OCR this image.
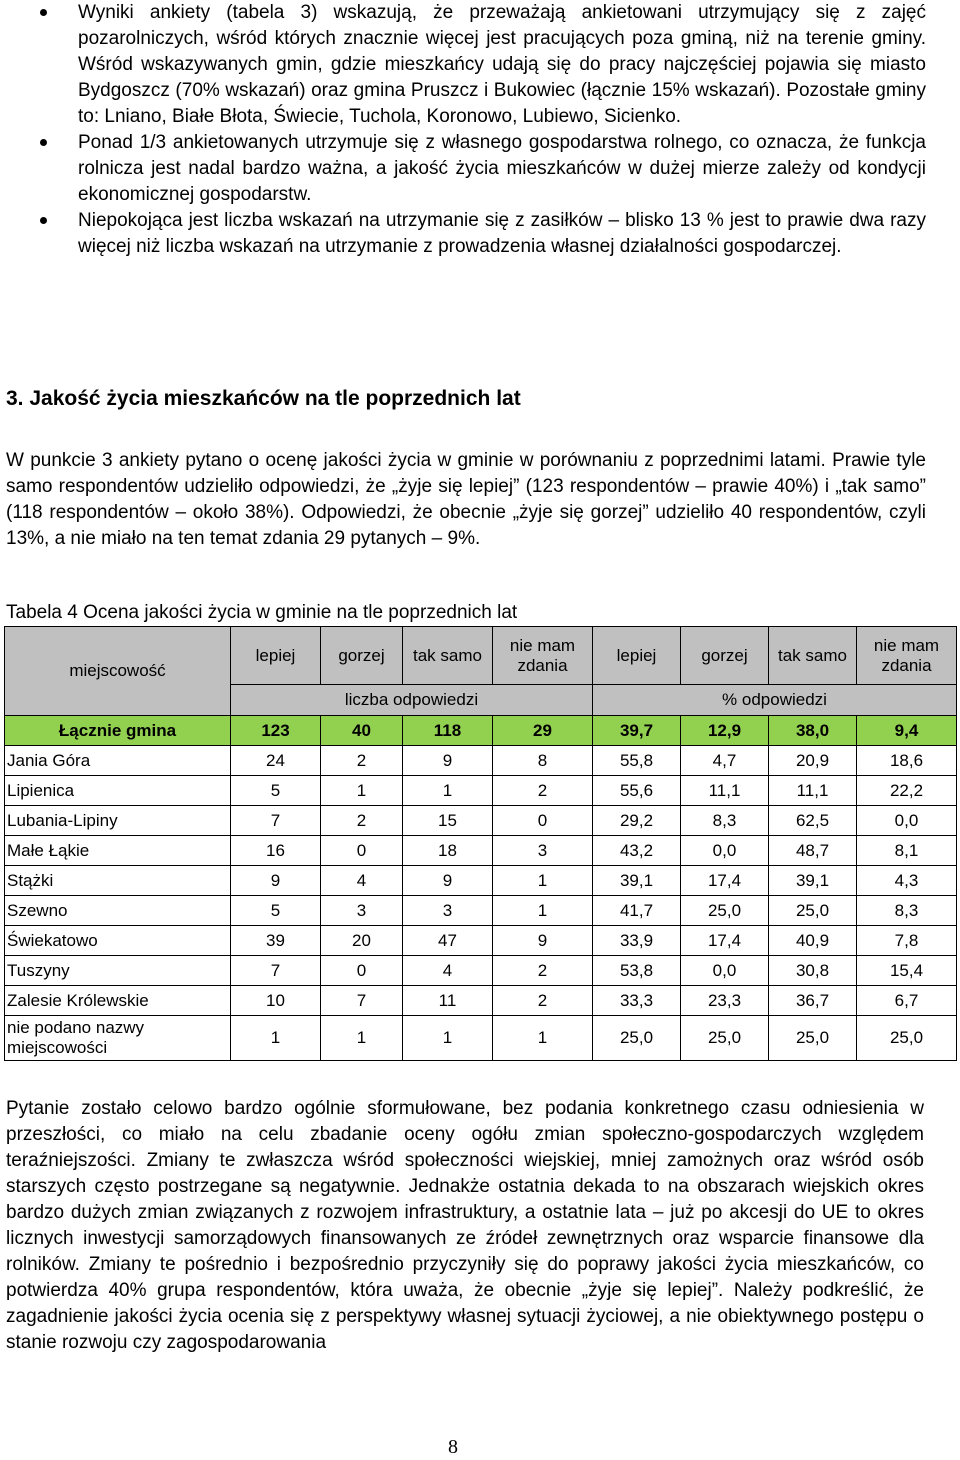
Wyniki ankiety (tabela 3) wskazują, że przeważają ankietowani utrzymujący się z zajęć pozarolniczych, wśród których znacznie więcej jest pracujących poza gminą, niż na terenie gminy. Wśród wskazywanych gmin, gdzie mieszkańcy udają się do pracy najczęściej pojawia się miasto Bydgoszcz (70% wskazań) oraz gmina Pruszcz i Bukowiec (łącznie 15% wskazań). Pozostałe gminy to: Lniano, Białe Błota, Świecie, Tuchola, Koronowo, Lubiewo, Sicienko.
Ponad 1/3 ankietowanych utrzymuje się z własnego gospodarstwa rolnego, co oznacza, że funkcja rolnicza jest nadal bardzo ważna, a jakość życia mieszkańców w dużej mierze zależy od kondycji ekonomicznej gospodarstw.
Niepokojąca jest liczba wskazań na utrzymanie się z zasiłków – blisko 13 % jest to prawie dwa razy więcej niż liczba wskazań na utrzymanie z prowadzenia własnej działalności gospodarczej.
3. Jakość życia mieszkańców na tle poprzednich lat

W punkcie 3 ankiety pytano o ocenę jakości życia w gminie w porównaniu z poprzednimi latami. Prawie tyle samo respondentów udzieliło odpowiedzi, że „żyje się lepiej” (123 respondentów – prawie 40%) i „tak samo” (118 respondentów – około 38%). Odpowiedzi, że obecnie „żyje się gorzej” udzieliło 40 respondentów, czyli 13%, a nie miało na ten temat zdania 29 pytanych – 9%.

Tabela 4 Ocena jakości życia w gminie na tle poprzednich lat
miejscowość	lepiej	gorzej	tak samo	nie mam zdania	lepiej	gorzej	tak samo	nie mam zdania
	liczba odpowiedzi				% odpowiedzi			
Łącznie gmina	123	40	118	29	39,7	12,9	38,0	9,4
Jania Góra	24	2	9	8	55,8	4,7	20,9	18,6
Lipienica	5	1	1	2	55,6	11,1	11,1	22,2
Lubania-Lipiny	7	2	15	0	29,2	8,3	62,5	0,0
Małe Łąkie	16	0	18	3	43,2	0,0	48,7	8,1
Stążki	9	4	9	1	39,1	17,4	39,1	4,3
Szewno	5	3	3	1	41,7	25,0	25,0	8,3
Świekatowo	39	20	47	9	33,9	17,4	40,9	7,8
Tuszyny	7	0	4	2	53,8	0,0	30,8	15,4
Zalesie Królewskie	10	7	11	2	33,3	23,3	36,7	6,7
nie podano nazwy miejscowości	1	1	1	1	25,0	25,0	25,0	25,0

Pytanie zostało celowo bardzo ogólnie sformułowane, bez podania konkretnego czasu odniesienia w przeszłości, co miało na celu zbadanie oceny ogółu zmian społeczno-gospodarczych względem teraźniejszości. Zmiany te zwłaszcza wśród społeczności wiejskiej, mniej zamożnych oraz wśród osób starszych często postrzegane są negatywnie. Jednakże ostatnia dekada to na obszarach wiejskich okres bardzo dużych zmian związanych z rozwojem infrastruktury, a ostatnie lata – już po akcesji do UE to okres licznych inwestycji samorządowych finansowanych ze źródeł zewnętrznych oraz wsparcie finansowe dla rolników. Zmiany te pośrednio i bezpośrednio przyczyniły się do poprawy jakości życia mieszkańców, co potwierdza 40% grupa respondentów, która uważa, że obecnie „żyje się lepiej”. Należy podkreślić, że zagadnienie jakości życia ocenia się z perspektywy własnej sytuacji życiowej, a nie obiektywnego postępu o stanie rozwoju czy zagospodarowania

8
